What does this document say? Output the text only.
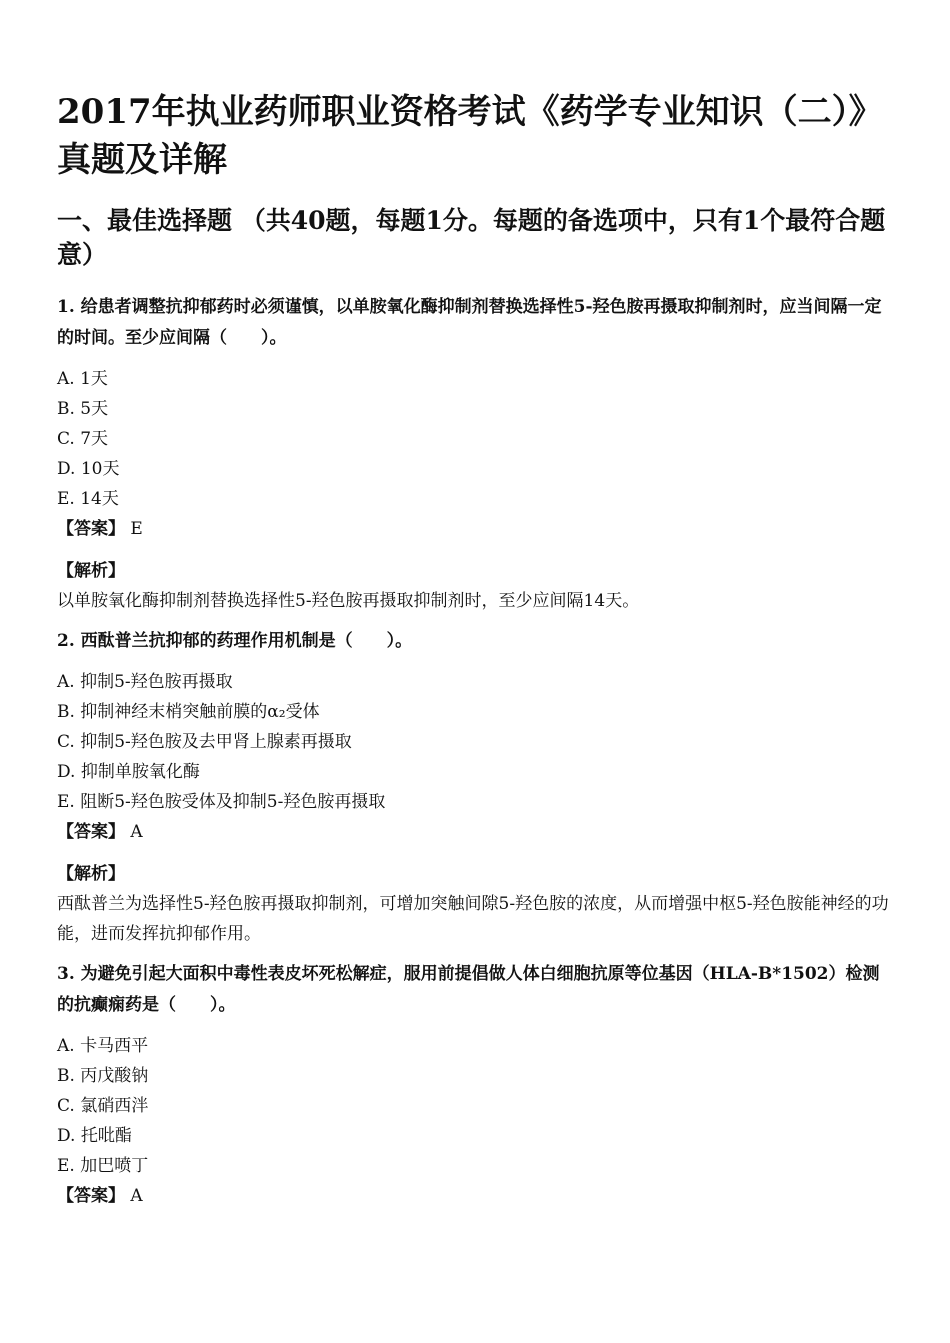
2017年执业药师职业资格考试《药学专业知识（二）》真题及详解
一、最佳选择题 （共40题，每题1分。每题的备选项中，只有1个最符合题意）
1. 给患者调整抗抑郁药时必须谨慎，以单胺氧化酶抑制剂替换选择性5-羟色胺再摄取抑制剂时，应当间隔一定的时间。至少应间隔（　　）。
A. 1天
B. 5天
C. 7天
D. 10天
E. 14天
【答案】 E
【解析】
以单胺氧化酶抑制剂替换选择性5-羟色胺再摄取抑制剂时，至少应间隔14天。
2. 西酞普兰抗抑郁的药理作用机制是（　　）。
A. 抑制5-羟色胺再摄取
B. 抑制神经末梢突触前膜的α₂受体
C. 抑制5-羟色胺及去甲肾上腺素再摄取
D. 抑制单胺氧化酶
E. 阻断5-羟色胺受体及抑制5-羟色胺再摄取
【答案】 A
【解析】
西酞普兰为选择性5-羟色胺再摄取抑制剂，可增加突触间隙5-羟色胺的浓度，从而增强中枢5-羟色胺能神经的功能，进而发挥抗抑郁作用。
3. 为避免引起大面积中毒性表皮坏死松解症，服用前提倡做人体白细胞抗原等位基因（HLA-B*1502）检测的抗癫痫药是（　　）。
A. 卡马西平
B. 丙戊酸钠
C. 氯硝西泮
D. 托吡酯
E. 加巴喷丁
【答案】 A
